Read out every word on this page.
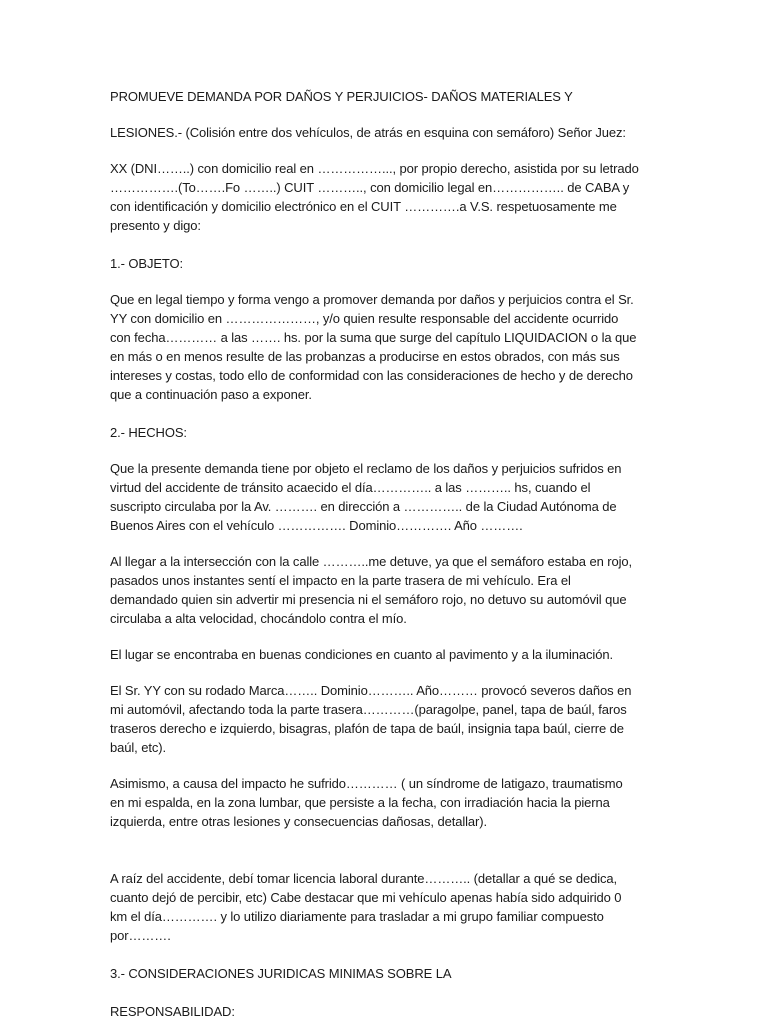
PROMUEVE DEMANDA POR DAÑOS Y PERJUICIOS- DAÑOS MATERIALES Y

LESIONES.- (Colisión entre dos vehículos, de atrás en esquina con semáforo) Señor Juez:

XX (DNI……..) con domicilio real en ……………..., por propio derecho, asistida por su letrado …………….(To…….Fo ……..) CUIT ……….., con domicilio legal en…………….. de CABA y con identificación y domicilio electrónico en el CUIT ………….a V.S. respetuosamente me presento y digo:

1.- OBJETO:

Que en legal tiempo y forma vengo a promover demanda por daños y perjuicios contra el Sr. YY con domicilio en …………………, y/o quien resulte responsable del accidente ocurrido con fecha………… a las ……. hs. por la suma que surge del capítulo LIQUIDACION o la que en más o en menos resulte de las probanzas a producirse en estos obrados, con más sus intereses y costas, todo ello de conformidad con las consideraciones de hecho y de derecho que a continuación paso a exponer.

2.- HECHOS:

Que la presente demanda tiene por objeto el reclamo de los daños y perjuicios sufridos en virtud del accidente de tránsito acaecido el día………….. a las ……….. hs, cuando el suscripto circulaba por la Av. ………. en dirección a ………….. de la Ciudad Autónoma de Buenos Aires con el vehículo ……………. Dominio…………. Año ……….

Al llegar a la intersección con la calle ………..me detuve, ya que el semáforo estaba en rojo, pasados unos instantes sentí el impacto en la parte trasera de mi vehículo. Era el demandado quien sin advertir mi presencia ni el semáforo rojo, no detuvo su automóvil que circulaba a alta velocidad, chocándolo contra el mío.

El lugar se encontraba en buenas condiciones en cuanto al pavimento y a la iluminación.

El Sr. YY con su rodado Marca…….. Dominio……….. Año……… provocó severos daños en mi automóvil, afectando toda la parte trasera…………(paragolpe, panel, tapa de baúl, faros traseros derecho e izquierdo, bisagras, plafón de tapa de baúl, insignia tapa baúl, cierre de baúl, etc).

Asimismo, a causa del impacto he sufrido………… ( un síndrome de latigazo, traumatismo en mi espalda, en la zona lumbar, que persiste a la fecha, con irradiación hacia la pierna izquierda, entre otras lesiones y consecuencias dañosas, detallar).

A raíz del accidente, debí tomar licencia laboral durante……….. (detallar a qué se dedica, cuanto dejó de percibir, etc) Cabe destacar que mi vehículo apenas había sido adquirido 0 km el día…………. y lo utilizo diariamente para trasladar a mi grupo familiar compuesto por……….

3.- CONSIDERACIONES JURIDICAS MINIMAS SOBRE LA

RESPONSABILIDAD:
